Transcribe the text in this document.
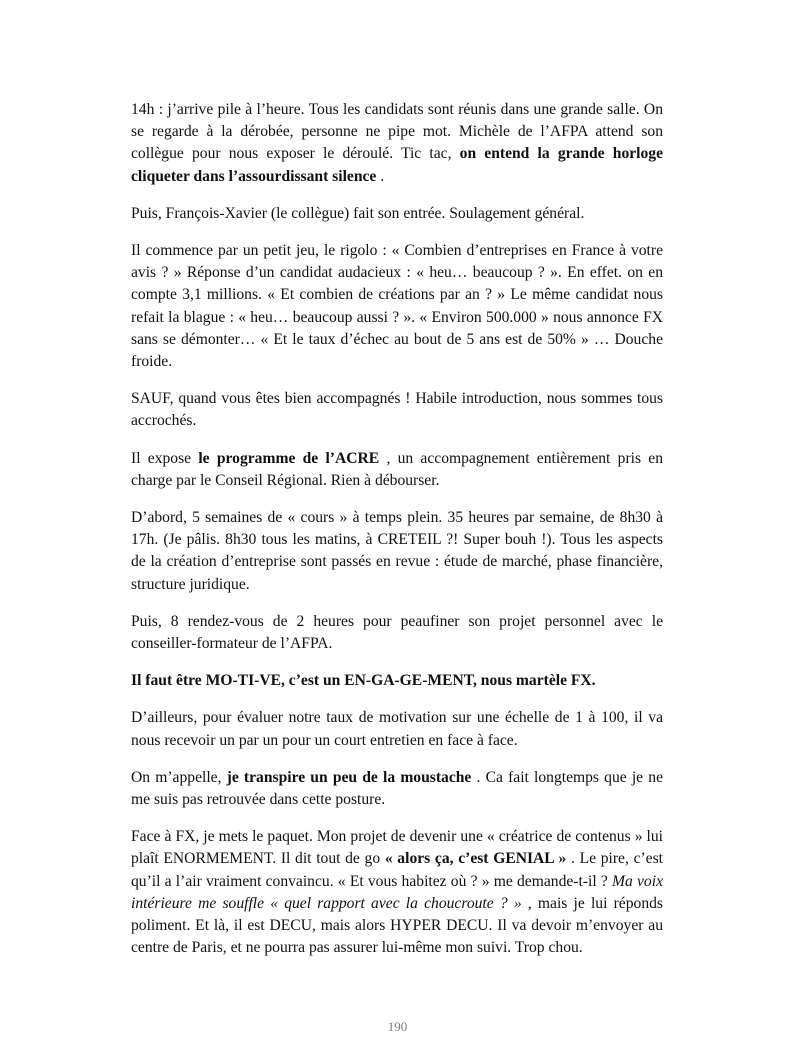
14h : j’arrive pile à l’heure. Tous les candidats sont réunis dans une grande salle. On se regarde à la dérobée, personne ne pipe mot. Michèle de l’AFPA attend son collègue pour nous exposer le déroulé. Tic tac, on entend la grande horloge cliqueter dans l’assourdissant silence .

Puis, François-Xavier (le collègue) fait son entrée. Soulagement général.

Il commence par un petit jeu, le rigolo : « Combien d’entreprises en France à votre avis ? » Réponse d’un candidat audacieux : « heu… beaucoup ? ». En effet. on en compte 3,1 millions. « Et combien de créations par an ? » Le même candidat nous refait la blague : « heu… beaucoup aussi ? ». « Environ 500.000 » nous annonce FX sans se démonter… « Et le taux d’échec au bout de 5 ans est de 50% » … Douche froide.

SAUF, quand vous êtes bien accompagnés ! Habile introduction, nous sommes tous accrochés.

Il expose le programme de l’ACRE , un accompagnement entièrement pris en charge par le Conseil Régional. Rien à débourser.

D’abord, 5 semaines de « cours » à temps plein. 35 heures par semaine, de 8h30 à 17h. (Je pâlis. 8h30 tous les matins, à CRETEIL ?! Super bouh !). Tous les aspects de la création d’entreprise sont passés en revue : étude de marché, phase financière, structure juridique.

Puis, 8 rendez-vous de 2 heures pour peaufiner son projet personnel avec le conseiller-formateur de l’AFPA.

Il faut être MO-TI-VE, c’est un EN-GA-GE-MENT, nous martèle FX.

D’ailleurs, pour évaluer notre taux de motivation sur une échelle de 1 à 100, il va nous recevoir un par un pour un court entretien en face à face.

On m’appelle, je transpire un peu de la moustache . Ca fait longtemps que je ne me suis pas retrouvée dans cette posture.

Face à FX, je mets le paquet. Mon projet de devenir une « créatrice de contenus » lui plaît ENORMEMENT. Il dit tout de go « alors ça, c’est GENIAL » . Le pire, c’est qu’il a l’air vraiment convaincu. « Et vous habitez où ? » me demande-t-il ? Ma voix intérieure me souffle « quel rapport avec la choucroute ? » , mais je lui réponds poliment. Et là, il est DECU, mais alors HYPER DECU. Il va devoir m’envoyer au centre de Paris, et ne pourra pas assurer lui-même mon suivi. Trop chou.

190
